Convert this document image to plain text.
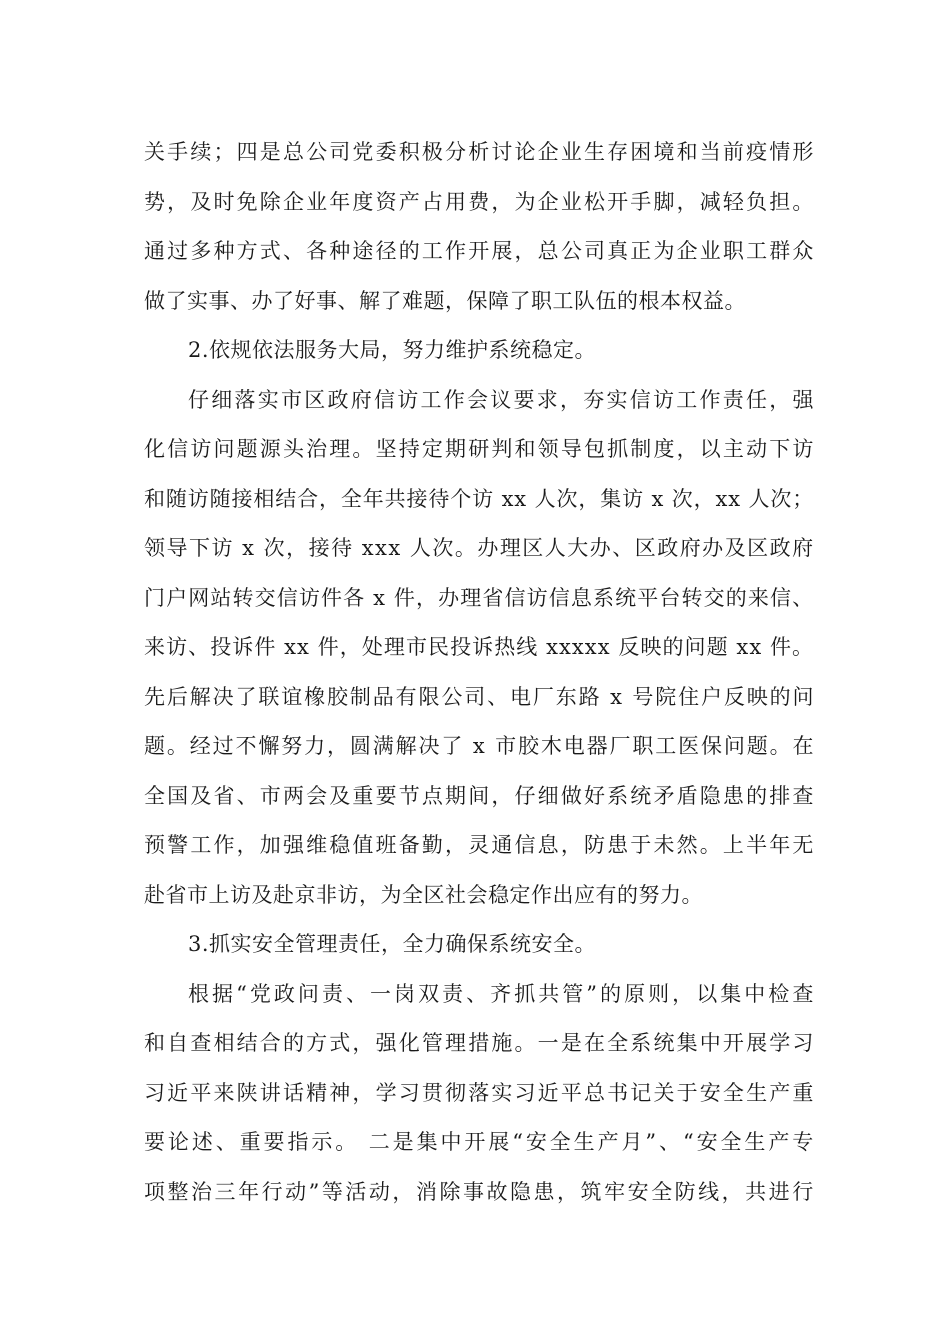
关 手 续 ； 四 是 总 公 司 党 委 积 极 分 析 讨 论 企 业 生 存 困 境 和 当 前 疫 情 形
势 ， 及 时 免 除 企 业 年 度 资 产 占 用 费 ， 为 企 业 松 开 手 脚 ， 减 轻 负 担 。
通 过 多 种 方 式 、 各 种 途 径 的 工 作 开 展 ， 总 公 司 真 正 为 企 业 职 工 群 众
做了实事、办了好事、解了难题，保障了职工队伍的根本权益。
2.依规依法服务大局，努力维护系统稳定。
仔 细 落 实 市 区 政 府 信 访 工 作 会 议 要 求 ， 夯 实 信 访 工 作 责 任 ， 强
化 信 访 问 题 源 头 治 理 。 坚 持 定 期 研 判 和 领 导 包 抓 制 度 ， 以 主 动 下 访
和 随 访 随 接 相 结 合 ， 全 年 共 接 待 个 访
x x
人 次 ， 集 访
x
次 ， x x
人 次 ；
领 导 下 访
x
次 ， 接 待
x x x
人 次 。 办 理 区 人 大 办 、 区 政 府 办 及 区 政 府
门 户 网 站 转 交 信 访 件 各
x
件 ， 办 理 省 信 访 信 息 系 统 平 台 转 交 的 来 信 、
来 访 、 投 诉 件
x x
件 ， 处 理 市 民 投 诉 热 线
x x x x x
反 映 的 问 题
x x
件 。
先 后 解 决 了 联 谊 橡 胶 制 品 有 限 公 司 、 电 厂 东 路
x
号 院 住 户 反 映 的 问
题 。 经 过 不 懈 努 力 ， 圆 满 解 决 了
x
市 胶 木 电 器 厂 职 工 医 保 问 题 。 在
全 国 及 省 、 市 两 会 及 重 要 节 点 期 间 ， 仔 细 做 好 系 统 矛 盾 隐 患 的 排 查
预 警 工 作 ， 加 强 维 稳 值 班 备 勤 ， 灵 通 信 息 ， 防 患 于 未 然 。 上 半 年 无
赴省市上访及赴京非访，为全区社会稳定作出应有的努力。
3.抓实安全管理责任，全力确保系统安全。
根 据 “ 党 政 问 责 、 一 岗 双 责 、 齐 抓 共 管 ” 的 原 则 ， 以 集 中 检 查
和 自 查 相 结 合 的 方 式 ， 强 化 管 理 措 施 。 一 是 在 全 系 统 集 中 开 展 学 习
习 近 平 来 陕 讲 话 精 神 ， 学 习 贯 彻 落 实 习 近 平 总 书 记 关 于 安 全 生 产 重
要 论 述 、 重 要 指 示 。
二 是 集 中 开 展 “ 安 全 生 产 月 ” 、 “ 安 全 生 产 专
项 整 治 三 年 行 动 ” 等 活 动 ， 消 除 事 故 隐 患 ， 筑 牢 安 全 防 线 ， 共 进 行
